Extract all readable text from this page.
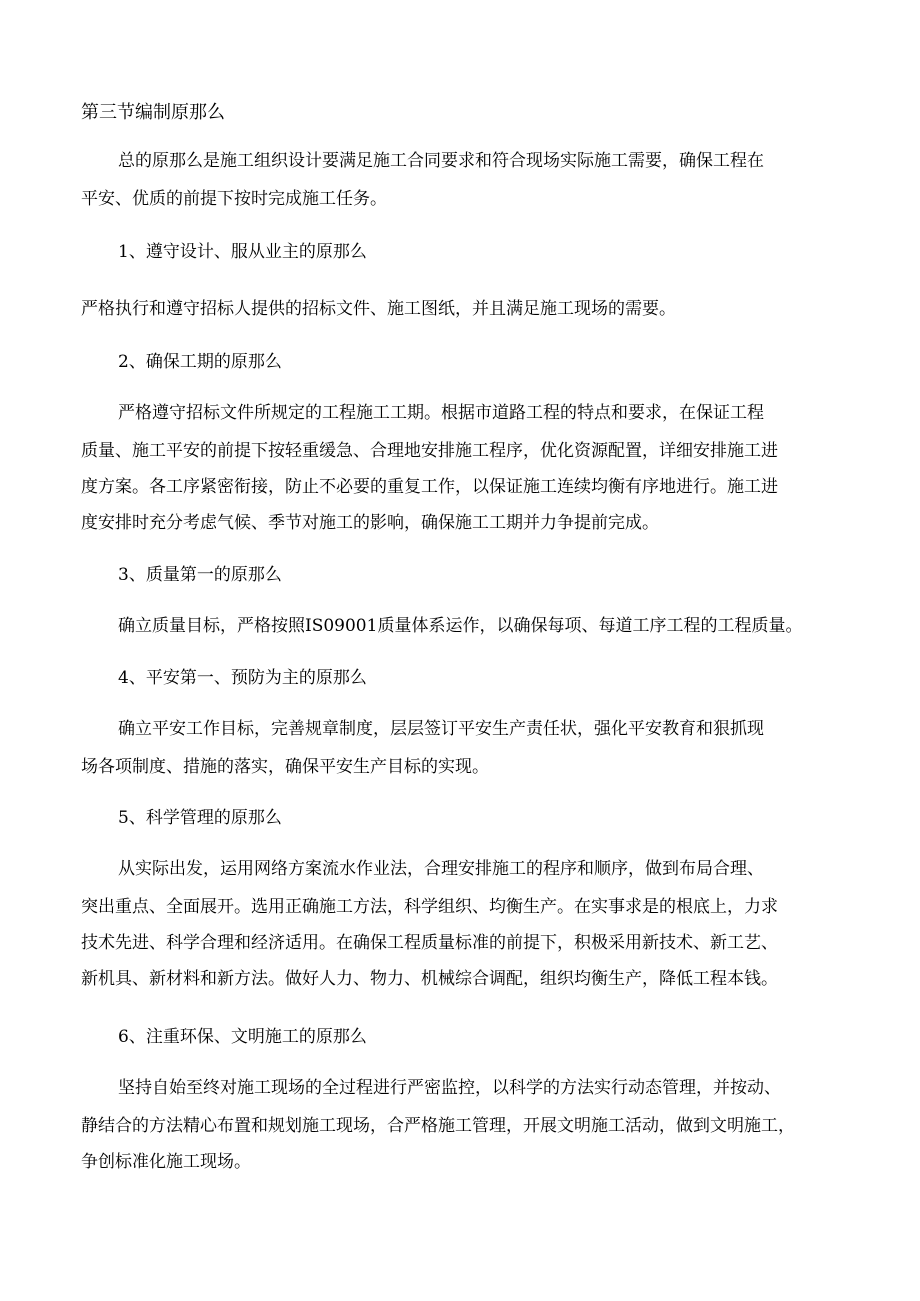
第三节编制原那么
总的原那么是施工组织设计要满足施工合同要求和符合现场实际施工需要，确保工程在
平安、优质的前提下按时完成施工任务。
1、遵守设计、服从业主的原那么
严格执行和遵守招标人提供的招标文件、施工图纸，并且满足施工现场的需要。
2、确保工期的原那么
严格遵守招标文件所规定的工程施工工期。根据市道路工程的特点和要求，在保证工程
质量、施工平安的前提下按轻重缓急、合理地安排施工程序，优化资源配置，详细安排施工进
度方案。各工序紧密衔接，防止不必要的重复工作，以保证施工连续均衡有序地进行。施工进
度安排时充分考虑气候、季节对施工的影响，确保施工工期并力争提前完成。
3、质量第一的原那么
确立质量目标，严格按照IS09001质量体系运作，以确保每项、每道工序工程的工程质量。
4、平安第一、预防为主的原那么
确立平安工作目标，完善规章制度，层层签订平安生产责任状，强化平安教育和狠抓现
场各项制度、措施的落实，确保平安生产目标的实现。
5、科学管理的原那么
从实际出发，运用网络方案流水作业法，合理安排施工的程序和顺序，做到布局合理、
突出重点、全面展开。选用正确施工方法，科学组织、均衡生产。在实事求是的根底上，力求
技术先进、科学合理和经济适用。在确保工程质量标准的前提下，积极采用新技术、新工艺、
新机具、新材料和新方法。做好人力、物力、机械综合调配，组织均衡生产，降低工程本钱。
6、注重环保、文明施工的原那么
坚持自始至终对施工现场的全过程进行严密监控，以科学的方法实行动态管理，并按动、
静结合的方法精心布置和规划施工现场，合严格施工管理，开展文明施工活动，做到文明施工，
争创标准化施工现场。
